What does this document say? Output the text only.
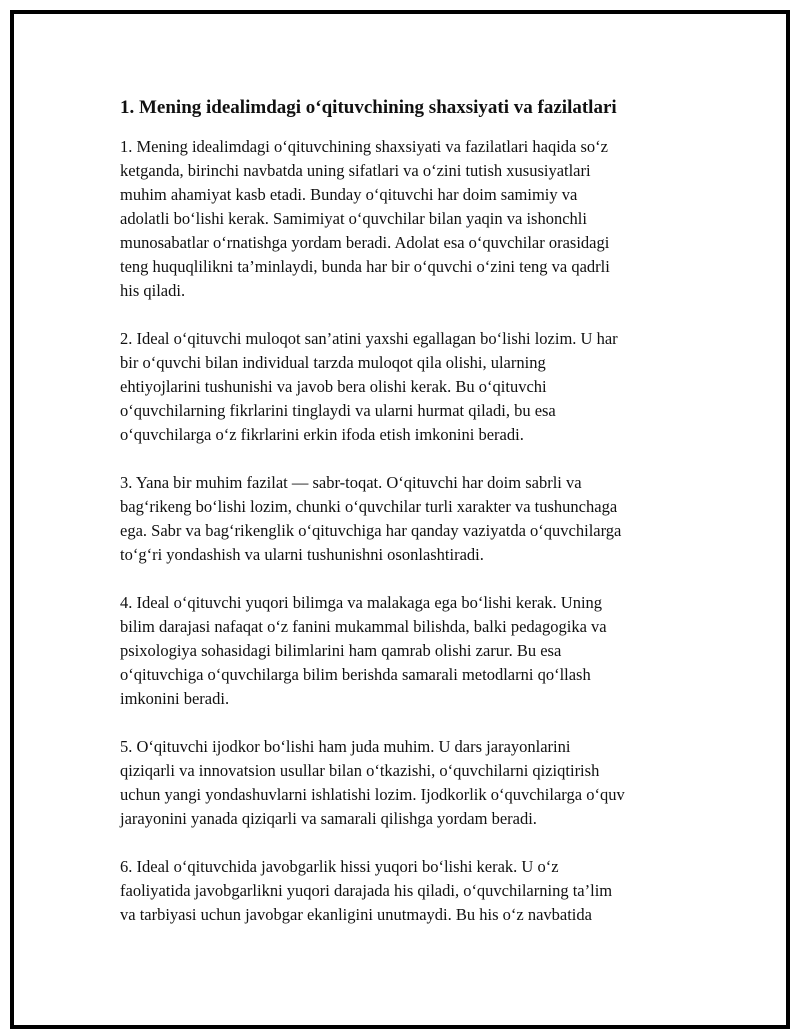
1. Mening idealimdagi o‘qituvchining shaxsiyati va fazilatlari

1. Mening idealimdagi o‘qituvchining shaxsiyati va fazilatlari haqida so‘z
ketganda, birinchi navbatda uning sifatlari va o‘zini tutish xususiyatlari
muhim ahamiyat kasb etadi. Bunday o‘qituvchi har doim samimiy va
adolatli bo‘lishi kerak. Samimiyat o‘quvchilar bilan yaqin va ishonchli
munosabatlar o‘rnatishga yordam beradi. Adolat esa o‘quvchilar orasidagi
teng huquqlilikni ta’minlaydi, bunda har bir o‘quvchi o‘zini teng va qadrli
his qiladi.

2. Ideal o‘qituvchi muloqot san’atini yaxshi egallagan bo‘lishi lozim. U har
bir o‘quvchi bilan individual tarzda muloqot qila olishi, ularning
ehtiyojlarini tushunishi va javob bera olishi kerak. Bu o‘qituvchi
o‘quvchilarning fikrlarini tinglaydi va ularni hurmat qiladi, bu esa
o‘quvchilarga o‘z fikrlarini erkin ifoda etish imkonini beradi.

3. Yana bir muhim fazilat — sabr-toqat. O‘qituvchi har doim sabrli va
bag‘rikeng bo‘lishi lozim, chunki o‘quvchilar turli xarakter va tushunchaga
ega. Sabr va bag‘rikenglik o‘qituvchiga har qanday vaziyatda o‘quvchilarga
to‘g‘ri yondashish va ularni tushunishni osonlashtiradi.

4. Ideal o‘qituvchi yuqori bilimga va malakaga ega bo‘lishi kerak. Uning
bilim darajasi nafaqat o‘z fanini mukammal bilishda, balki pedagogika va
psixologiya sohasidagi bilimlarini ham qamrab olishi zarur. Bu esa
o‘qituvchiga o‘quvchilarga bilim berishda samarali metodlarni qo‘llash
imkonini beradi.

5. O‘qituvchi ijodkor bo‘lishi ham juda muhim. U dars jarayonlarini
qiziqarli va innovatsion usullar bilan o‘tkazishi, o‘quvchilarni qiziqtirish
uchun yangi yondashuvlarni ishlatishi lozim. Ijodkorlik o‘quvchilarga o‘quv
jarayonini yanada qiziqarli va samarali qilishga yordam beradi.

6. Ideal o‘qituvchida javobgarlik hissi yuqori bo‘lishi kerak. U o‘z
faoliyatida javobgarlikni yuqori darajada his qiladi, o‘quvchilarning ta’lim
va tarbiyasi uchun javobgar ekanligini unutmaydi. Bu his o‘z navbatida
